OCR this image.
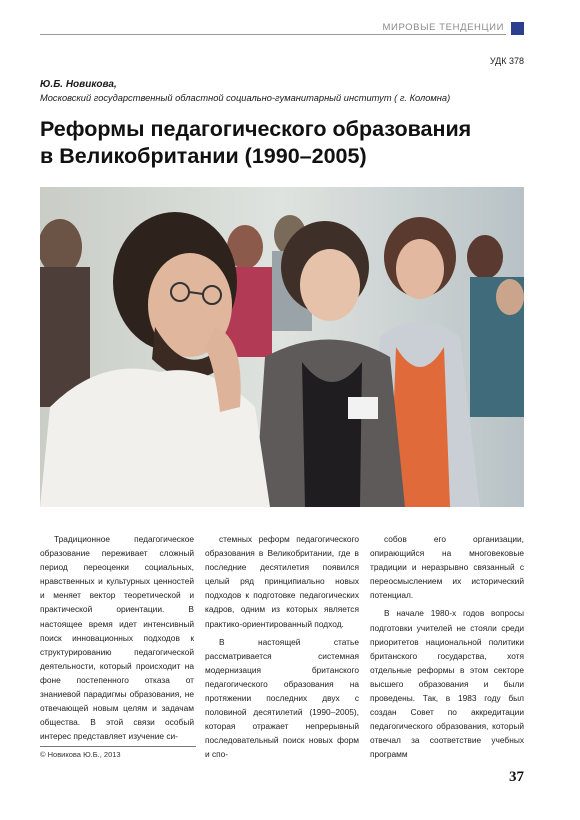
МИРОВЫЕ ТЕНДЕНЦИИ
УДК 378
Ю.Б. Новикова,
Московский государственный областной социально-гуманитарный институт ( г. Коломна)
Реформы педагогического образования
в Великобритании (1990–2005)

Традиционное педагогическое образование переживает сложный период переоценки социальных, нравственных и культурных ценностей и меняет вектор теоретической и практической ориентации. В настоящее время идет интенсивный поиск инновационных подходов к структурированию педагогической деятельности, который происходит на фоне постепенного отказа от знаниевой парадигмы образования, не отвечающей новым целям и задачам общества. В этой связи особый интерес представляет изучение си-

стемных реформ педагогического образования в Великобритании, где в последние десятилетия появился целый ряд принципиально новых подходов к подготовке педагогических кадров, одним из которых является практико-ориентированный подход.

В настоящей статье рассматривается системная модернизация британского педагогического образования на протяжении последних двух с половиной десятилетий (1990–2005), которая отражает непрерывный последовательный поиск новых форм и спо-

собов его организации, опирающийся на многовековые традиции и неразрывно связанный с переосмыслением их исторический потенциал.

В начале 1980-х годов вопросы подготовки учителей не стояли среди приоритетов национальной политики британского государства, хотя отдельные реформы в этом секторе высшего образования и были проведены. Так, в 1983 году был создан Совет по аккредитации педагогического образования, который отвечал за соответствие учебных программ

© Новикова Ю.Б., 2013
37
